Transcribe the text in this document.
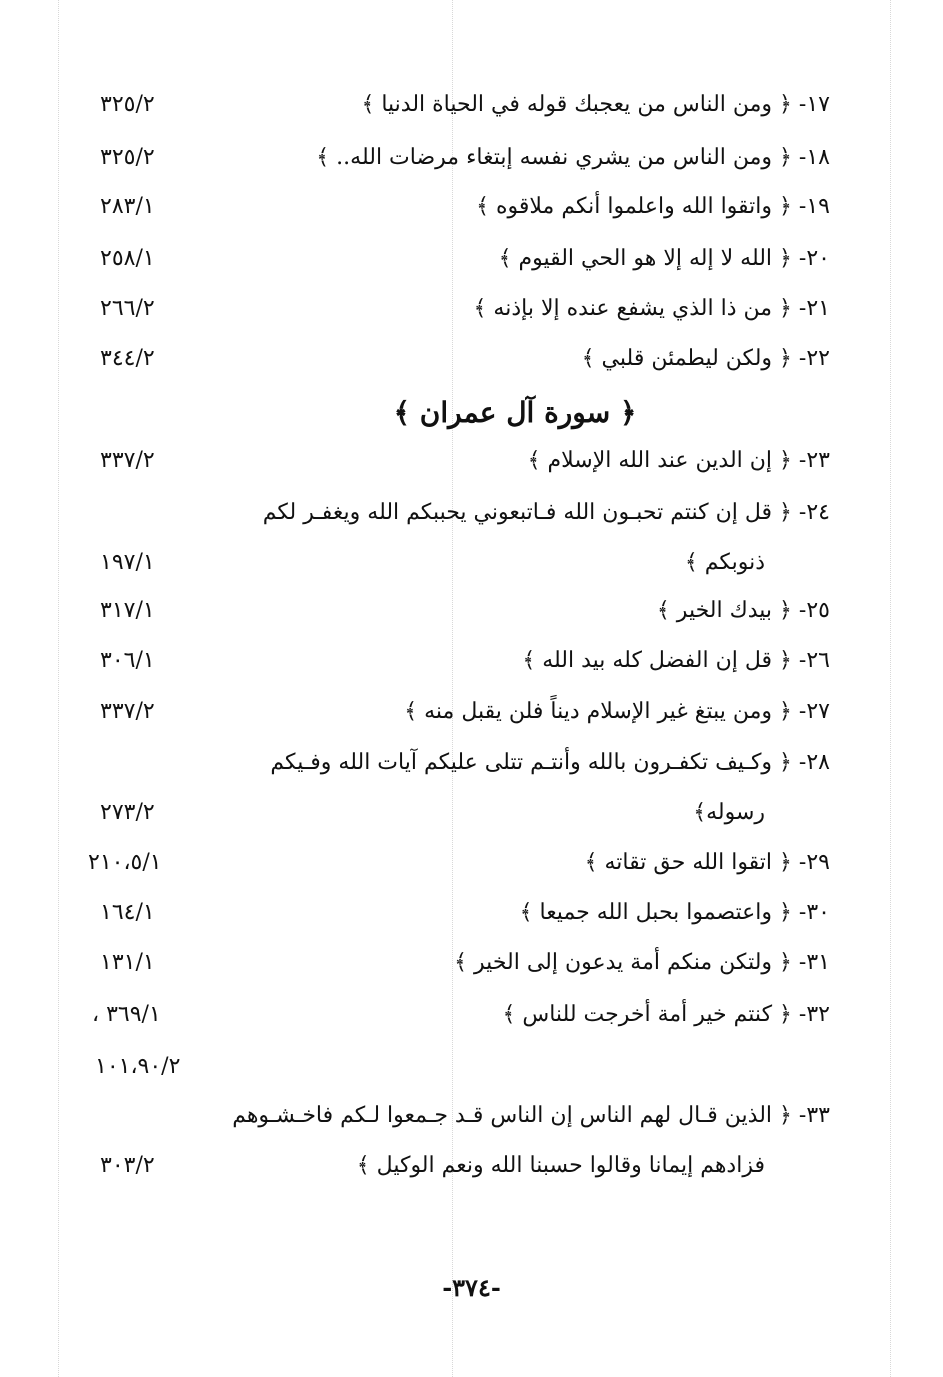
١٧- ﴿ ومن الناس من يعجبك قوله في الحياة الدنيا ﴾
٣٢٥/٢
١٨- ﴿ ومن الناس من يشري نفسه إبتغاء مرضات الله.. ﴾
٣٢٥/٢
١٩- ﴿ واتقوا الله واعلموا أنكم ملاقوه ﴾
٢٨٣/١
٢٠- ﴿ الله لا إله إلا هو الحي القيوم ﴾
٢٥٨/١
٢١- ﴿ من ذا الذي يشفع عنده إلا بإذنه ﴾
٢٦٦/٢
٢٢- ﴿ ولكن ليطمئن قلبي ﴾
٣٤٤/٢
﴿ سورة آل عمران ﴾
٢٣- ﴿ إن الدين عند الله الإسلام ﴾
٣٣٧/٢
٢٤- ﴿ قل إن كنتم تحبـون الله فـاتبعوني يحببكم الله ويغفـر لكم
ذنوبكم ﴾
١٩٧/١
٢٥- ﴿ بيدك الخير ﴾
٣١٧/١
٢٦- ﴿ قل إن الفضل كله بيد الله ﴾
٣٠٦/١
٢٧- ﴿ ومن يبتغ غير الإسلام ديناً فلن يقبل منه ﴾
٣٣٧/٢
٢٨- ﴿ وكـيف تكفـرون بالله وأنتـم تتلى عليكم آيات الله وفـيكم
رسوله﴾
٢٧٣/٢
٢٩- ﴿ اتقوا الله حق تقاته ﴾
٢١٠،٥/١
٣٠- ﴿ واعتصموا بحبل الله جميعا ﴾
١٦٤/١
٣١- ﴿ ولتكن منكم أمة يدعون إلى الخير ﴾
١٣١/١
٣٢- ﴿ كنتم خير أمة أخرجت للناس ﴾
٣٦٩/١ ،
١٠١،٩٠/٢
٣٣- ﴿ الذين قـال لهم الناس إن الناس قـد جـمعوا لـكم فاخـشـوهم
فزادهم إيمانا وقالوا حسبنا الله ونعم الوكيل ﴾
٣٠٣/٢
-٣٧٤-
